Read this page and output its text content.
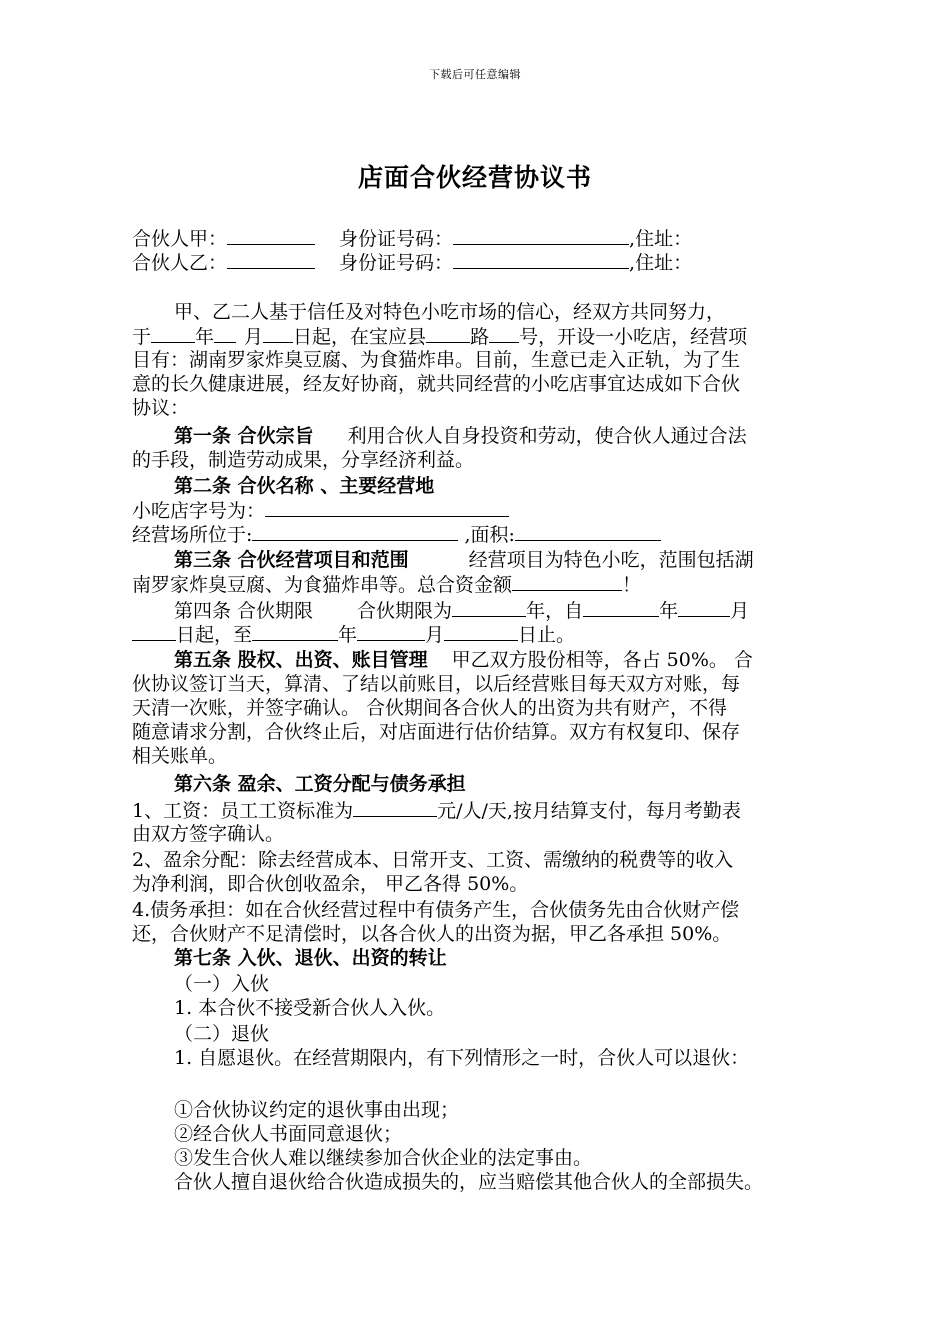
下载后可任意编辑
店面合伙经营协议书
合伙人甲：	身份证号码：	,住址：
合伙人乙：	身份证号码：	,住址：
甲、乙二人基于信任及对特色小吃市场的信心，经双方共同努力，
于 年 月 日起，在宝应县 路 号，开设一小吃店，经营项
目有：湖南罗家炸臭豆腐、为食猫炸串。目前，生意已走入正轨，为了生
意的长久健康进展，经友好协商，就共同经营的小吃店事宜达成如下合伙
协议：
第一条 合伙宗旨 利用合伙人自身投资和劳动，使合伙人通过合法
的手段，制造劳动成果，分享经济利益。
第二条 合伙名称 、主要经营地
小吃店字号为：
经营场所位于:	,面积:
第三条 合伙经营项目和范围	经营项目为特色小吃，范围包括湖
南罗家炸臭豆腐、为食猫炸串等。总合资金额	！
第四条 合伙期限 合伙期限为	年，自	年	月
日起，至	年	月	日止。
第五条 股权、出资、账目管理 甲乙双方股份相等，各占 50%。 合
伙协议签订当天，算清、了结以前账目，以后经营账目每天双方对账，每
天清一次账，并签字确认。 合伙期间各合伙人的出资为共有财产，不得
随意请求分割，合伙终止后，对店面进行估价结算。双方有权复印、保存
相关账单。
第六条 盈余、工资分配与债务承担
1、工资：员工工资标准为	元/人/天,按月结算支付，每月考勤表
由双方签字确认。
2、盈余分配：除去经营成本、日常开支、工资、需缴纳的税费等的收入
为净利润，即合伙创收盈余， 甲乙各得 50%。
4.债务承担：如在合伙经营过程中有债务产生，合伙债务先由合伙财产偿
还，合伙财产不足清偿时，以各合伙人的出资为据，甲乙各承担 50%。
第七条 入伙、退伙、出资的转让
（一）入伙
1. 本合伙不接受新合伙人入伙。
（二）退伙
1. 自愿退伙。在经营期限内，有下列情形之一时，合伙人可以退伙：
①合伙协议约定的退伙事由出现；
②经合伙人书面同意退伙；
③发生合伙人难以继续参加合伙企业的法定事由。
合伙人擅自退伙给合伙造成损失的，应当赔偿其他合伙人的全部损失。
